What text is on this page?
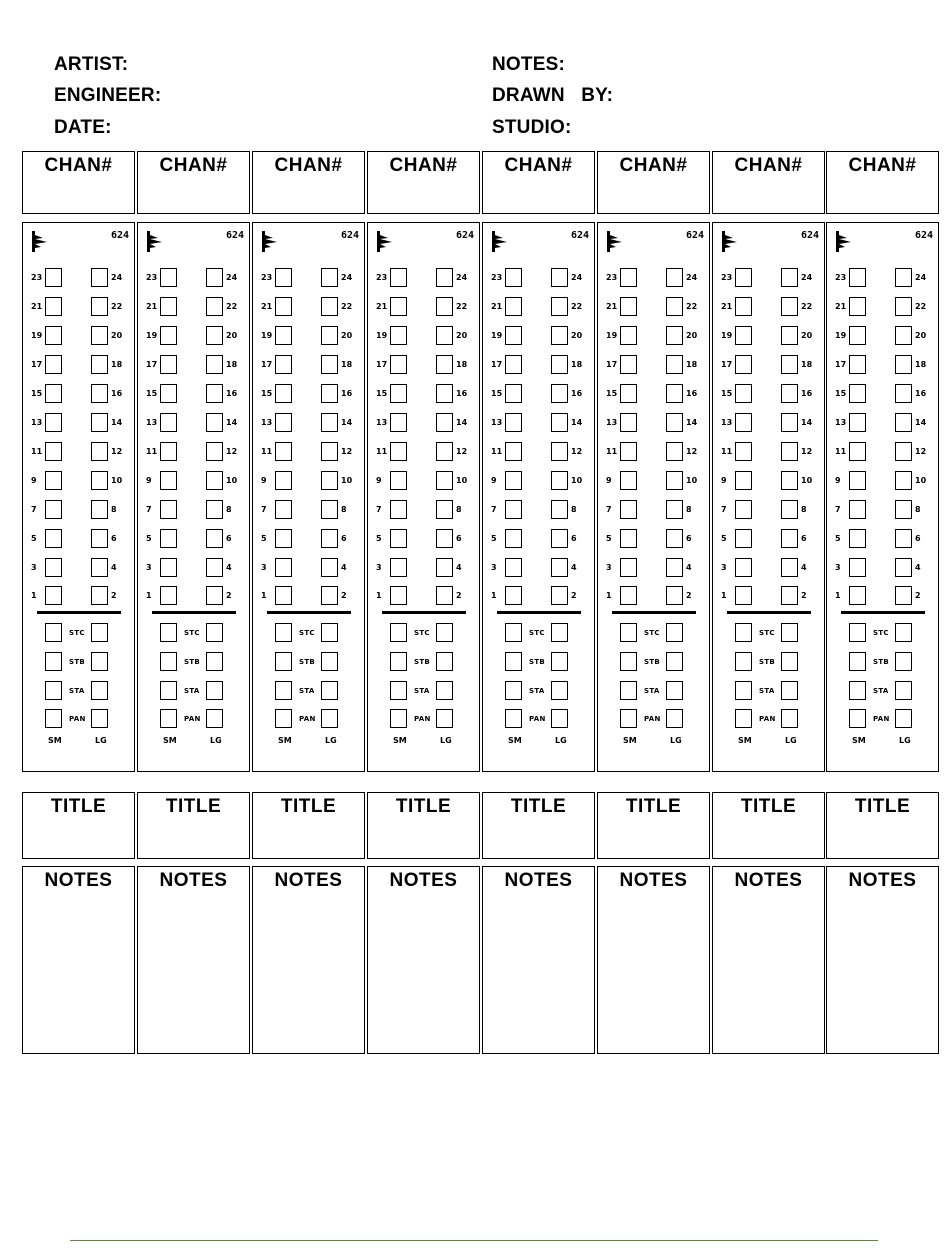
ARTIST:
ENGINEER:
DATE:
NOTES:
DRAWN   BY:
STUDIO:
CHAN#
624
23	24
21	22
19	20
17	18
15	16
13	14
11	12
9	10
7	8
5	6
3	4
1	2
STC
STB
STA
PAN
SM	LG
TITLE
NOTES
CHAN#
624
23	24
21	22
19	20
17	18
15	16
13	14
11	12
9	10
7	8
5	6
3	4
1	2
STC
STB
STA
PAN
SM	LG
TITLE
NOTES
CHAN#
624
23	24
21	22
19	20
17	18
15	16
13	14
11	12
9	10
7	8
5	6
3	4
1	2
STC
STB
STA
PAN
SM	LG
TITLE
NOTES
CHAN#
624
23	24
21	22
19	20
17	18
15	16
13	14
11	12
9	10
7	8
5	6
3	4
1	2
STC
STB
STA
PAN
SM	LG
TITLE
NOTES
CHAN#
624
23	24
21	22
19	20
17	18
15	16
13	14
11	12
9	10
7	8
5	6
3	4
1	2
STC
STB
STA
PAN
SM	LG
TITLE
NOTES
CHAN#
624
23	24
21	22
19	20
17	18
15	16
13	14
11	12
9	10
7	8
5	6
3	4
1	2
STC
STB
STA
PAN
SM	LG
TITLE
NOTES
CHAN#
624
23	24
21	22
19	20
17	18
15	16
13	14
11	12
9	10
7	8
5	6
3	4
1	2
STC
STB
STA
PAN
SM	LG
TITLE
NOTES
CHAN#
624
23	24
21	22
19	20
17	18
15	16
13	14
11	12
9	10
7	8
5	6
3	4
1	2
STC
STB
STA
PAN
SM	LG
TITLE
NOTES
